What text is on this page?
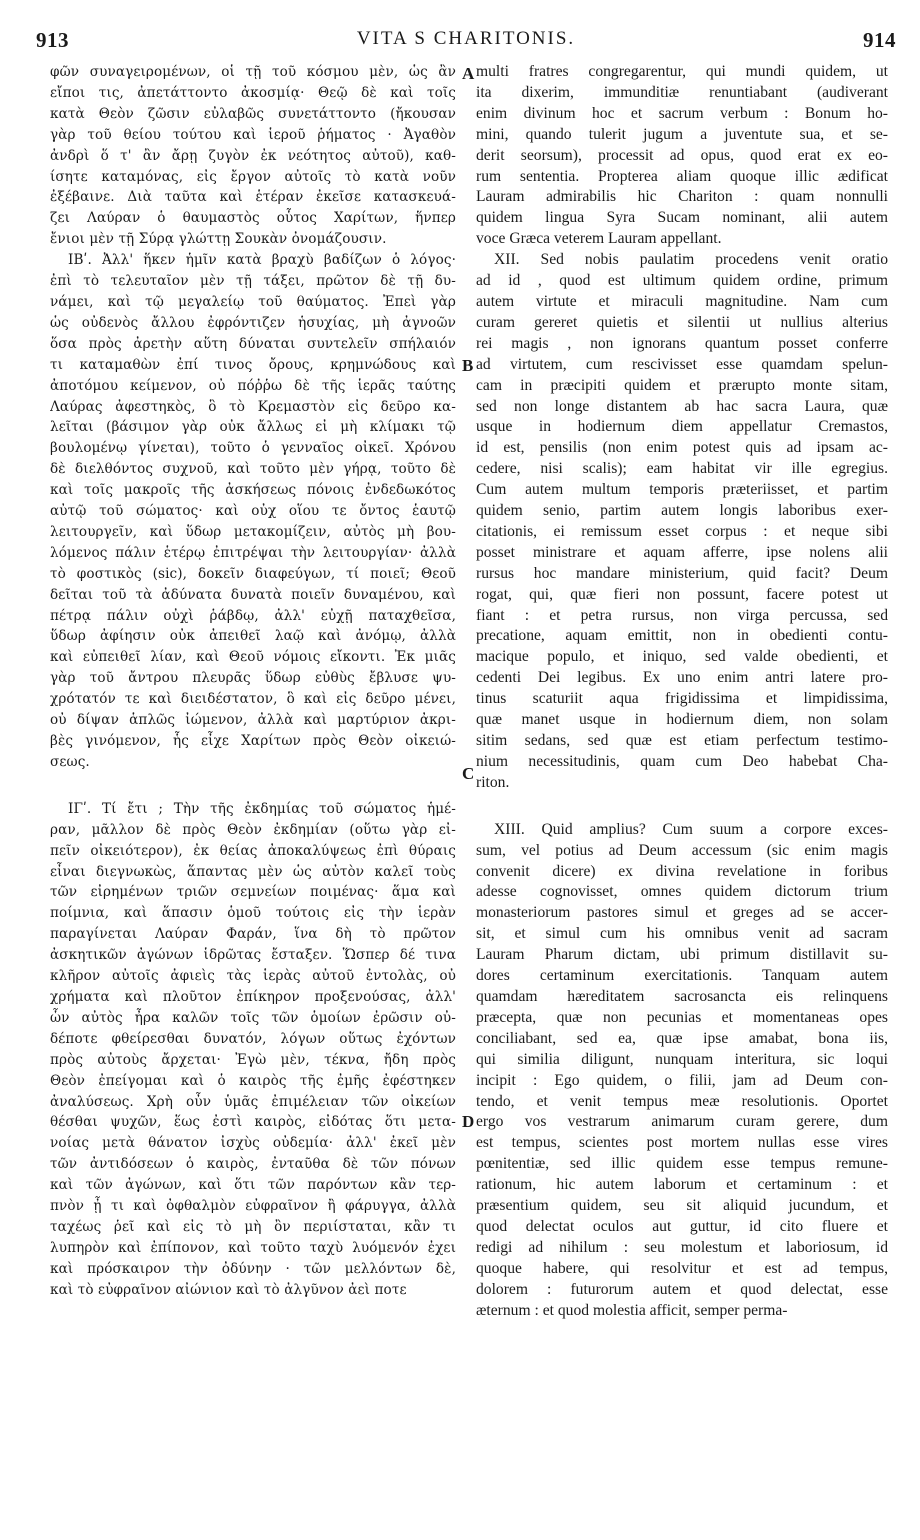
913	VITA S CHARITONIS.	914
A
B
C
D
φῶν συναγειρομένων, οἱ τῇ τοῦ κόσμου μὲν, ὡς ἂν
εἴποι τις, ἀπετάττοντο ἀκοσμίᾳ· Θεῷ δὲ καὶ τοῖς
κατὰ Θεὸν ζῶσιν εὐλαβῶς συνετάττοντο (ἤκουσαν
γὰρ τοῦ θείου τούτου καὶ ἱεροῦ ῥήματος · Ἀγαθὸν
ἀνδρὶ ὅ τ' ἂν ἄρῃ ζυγὸν ἐκ νεότητος αὐτοῦ), καθ-
ίσητε καταμόνας, εἰς ἔργον αὐτοῖς τὸ κατὰ νοῦν
ἐξέβαινε. Διὰ ταῦτα καὶ ἑτέραν ἐκεῖσε κατασκευά-
ζει Λαύραν ὁ θαυμαστὸς οὗτος Χαρίτων, ἥνπερ
ἔνιοι μὲν τῇ Σύρᾳ γλώττῃ Σουκὰν ὀνομάζουσιν.
ΙΒʹ. Ἀλλ' ἥκεν ἡμῖν κατὰ βραχὺ βαδίζων ὁ λόγος·
ἐπὶ τὸ τελευταῖον μὲν τῇ τάξει, πρῶτον δὲ τῇ δυ-
νάμει, καὶ τῷ μεγαλείῳ τοῦ θαύματος. Ἐπεὶ γὰρ
ὡς οὐδενὸς ἄλλου ἐφρόντιζεν ἡσυχίας, μὴ ἀγνοῶν
ὅσα πρὸς ἀρετὴν αὕτη δύναται συντελεῖν σπήλαιόν
τι καταμαθὼν ἐπί τινος ὄρους, κρημνώδους καὶ
ἀποτόμου κείμενον, οὐ πόῤῥω δὲ τῆς ἱερᾶς ταύτης
Λαύρας ἀφεστηκὸς, ὃ τὸ Κρεμαστὸν εἰς δεῦρο κα-
λεῖται (βάσιμον γὰρ οὐκ ἄλλως εἰ μὴ κλίμακι τῷ
βουλομένῳ γίνεται), τοῦτο ὁ γενναῖος οἰκεῖ. Χρόνου
δὲ διελθόντος συχνοῦ, καὶ τοῦτο μὲν γήρᾳ, τοῦτο δὲ
καὶ τοῖς μακροῖς τῆς ἀσκήσεως πόνοις ἐνδεδωκότος
αὐτῷ τοῦ σώματος· καὶ οὐχ οἵου τε ὄντος ἑαυτῷ
λειτουργεῖν, καὶ ὕδωρ μετακομίζειν, αὐτὸς μὴ βου-
λόμενος πάλιν ἑτέρῳ ἐπιτρέψαι τὴν λειτουργίαν· ἀλλὰ
τὸ φοστικὸς (sic), δοκεῖν διαφεύγων, τί ποιεῖ; Θεοῦ
δεῖται τοῦ τὰ ἀδύνατα δυνατὰ ποιεῖν δυναμένου, καὶ
πέτρᾳ πάλιν οὐχὶ ῥάβδῳ, ἀλλ' εὐχῇ παταχθεῖσα,
ὕδωρ ἀφίησιν οὐκ ἀπειθεῖ λαῷ καὶ ἀνόμῳ, ἀλλὰ
καὶ εὐπειθεῖ λίαν, καὶ Θεοῦ νόμοις εἴκοντι. Ἐκ μιᾶς
γὰρ τοῦ ἄντρου πλευρᾶς ὕδωρ εὐθὺς ἔβλυσε ψυ-
χρότατόν τε καὶ διειδέστατον, ὃ καὶ εἰς δεῦρο μένει,
οὐ δίψαν ἁπλῶς ἰώμενον, ἀλλὰ καὶ μαρτύριον ἀκρι-
βὲς γινόμενον, ἧς εἶχε Χαρίτων πρὸς Θεὸν οἰκειώ-
σεως.
ΙΓʹ. Τί ἔτι ; Τὴν τῆς ἐκδημίας τοῦ σώματος ἡμέ-
ραν, μᾶλλον δὲ πρὸς Θεὸν ἐκδημίαν (οὕτω γὰρ εἰ-
πεῖν οἰκειότερον), ἐκ θείας ἀποκαλύψεως ἐπὶ θύραις
εἶναι διεγνωκὼς, ἅπαντας μὲν ὡς αὐτὸν καλεῖ τοὺς
τῶν εἰρημένων τριῶν σεμνείων ποιμένας· ἅμα καὶ
ποίμνια, καὶ ἅπασιν ὁμοῦ τούτοις εἰς τὴν ἱερὰν
παραγίνεται Λαύραν Φαράν, ἵνα δὴ τὸ πρῶτον
ἀσκητικῶν ἀγώνων ἱδρῶτας ἔσταξεν. Ὥσπερ δέ τινα
κλῆρον αὐτοῖς ἀφιεὶς τὰς ἱερὰς αὐτοῦ ἐντολὰς, οὐ
χρήματα καὶ πλοῦτον ἐπίκηρον προξενούσας, ἀλλ'
ὧν αὐτὸς ἦρα καλῶν τοῖς τῶν ὁμοίων ἐρῶσιν οὐ-
δέποτε φθείρεσθαι δυνατόν, λόγων οὕτως ἐχόντων
πρὸς αὐτοὺς ἄρχεται· Ἐγὼ μὲν, τέκνα, ἤδη πρὸς
Θεὸν ἐπείγομαι καὶ ὁ καιρὸς τῆς ἐμῆς ἐφέστηκεν
ἀναλύσεως. Χρὴ οὖν ὑμᾶς ἐπιμέλειαν τῶν οἰκείων
θέσθαι ψυχῶν, ἕως ἐστὶ καιρὸς, εἰδότας ὅτι μετα-
νοίας μετὰ θάνατον ἰσχὺς οὐδεμία· ἀλλ' ἐκεῖ μὲν
τῶν ἀντιδόσεων ὁ καιρὸς, ἐνταῦθα δὲ τῶν πόνων
καὶ τῶν ἀγώνων, καὶ ὅτι τῶν παρόντων κἂν τερ-
πνὸν ᾖ τι καὶ ὀφθαλμὸν εὐφραῖνον ἢ φάρυγγα, ἀλλὰ
ταχέως ῥεῖ καὶ εἰς τὸ μὴ ὂν περιίσταται, κἂν τι
λυπηρὸν καὶ ἐπίπονον, καὶ τοῦτο ταχὺ λυόμενόν ἐχει
καὶ πρόσκαιρον τὴν ὀδύνην · τῶν μελλόντων δὲ,
καὶ τὸ εὐφραῖνον αἰώνιον καὶ τὸ ἀλγῦνον ἀεὶ ποτε
multi fratres congregarentur, qui mundi quidem, ut
ita dixerim, immunditiæ renuntiabant (audiverant
enim divinum hoc et sacrum verbum : Bonum ho-
mini, quando tulerit jugum a juventute sua, et se-
derit seorsum), processit ad opus, quod erat ex eo-
rum sententia. Propterea aliam quoque illic ædificat
Lauram admirabilis hic Chariton : quam nonnulli
quidem lingua Syra Sucam nominant, alii autem
voce Græca veterem Lauram appellant.
XII. Sed nobis paulatim procedens venit oratio
ad id , quod est ultimum quidem ordine, primum
autem virtute et miraculi magnitudine. Nam cum
curam gereret quietis et silentii ut nullius alterius
rei magis , non ignorans quantum posset conferre
ad virtutem, cum rescivisset esse quamdam spelun-
cam in præcipiti quidem et prærupto monte sitam,
sed non longe distantem ab hac sacra Laura, quæ
usque in hodiernum diem appellatur Cremastos,
id est, pensilis (non enim potest quis ad ipsam ac-
cedere, nisi scalis); eam habitat vir ille egregius.
Cum autem multum temporis præteriisset, et partim
quidem senio, partim autem longis laboribus exer-
citationis, ei remissum esset corpus : et neque sibi
posset ministrare et aquam afferre, ipse nolens alii
rursus hoc mandare ministerium, quid facit? Deum
rogat, qui, quæ fieri non possunt, facere potest ut
fiant : et petra rursus, non virga percussa, sed
precatione, aquam emittit, non in obedienti contu-
macique populo, et iniquo, sed valde obedienti, et
cedenti Dei legibus. Ex uno enim antri latere pro-
tinus scaturiit aqua frigidissima et limpidissima,
quæ manet usque in hodiernum diem, non solam
sitim sedans, sed quæ est etiam perfectum testimo-
nium necessitudinis, quam cum Deo habebat Cha-
riton.
XIII. Quid amplius? Cum suum a corpore exces-
sum, vel potius ad Deum accessum (sic enim magis
convenit dicere) ex divina revelatione in foribus
adesse cognovisset, omnes quidem dictorum trium
monasteriorum pastores simul et greges ad se accer-
sit, et simul cum his omnibus venit ad sacram
Lauram Pharum dictam, ubi primum distillavit su-
dores certaminum exercitationis. Tanquam autem
quamdam hæreditatem sacrosancta eis relinquens
præcepta, quæ non pecunias et momentaneas opes
conciliabant, sed ea, quæ ipse amabat, bona iis,
qui similia diligunt, nunquam interitura, sic loqui
incipit : Ego quidem, o filii, jam ad Deum con-
tendo, et venit tempus meæ resolutionis. Oportet
ergo vos vestrarum animarum curam gerere, dum
est tempus, scientes post mortem nullas esse vires
pœnitentiæ, sed illic quidem esse tempus remune-
rationum, hic autem laborum et certaminum : et
præsentium quidem, seu sit aliquid jucundum, et
quod delectat oculos aut guttur, id cito fluere et
redigi ad nihilum : seu molestum et laboriosum, id
quoque habere, qui resolvitur et est ad tempus,
dolorem : futurorum autem et quod delectat, esse
æternum : et quod molestia afficit, semper perma-
